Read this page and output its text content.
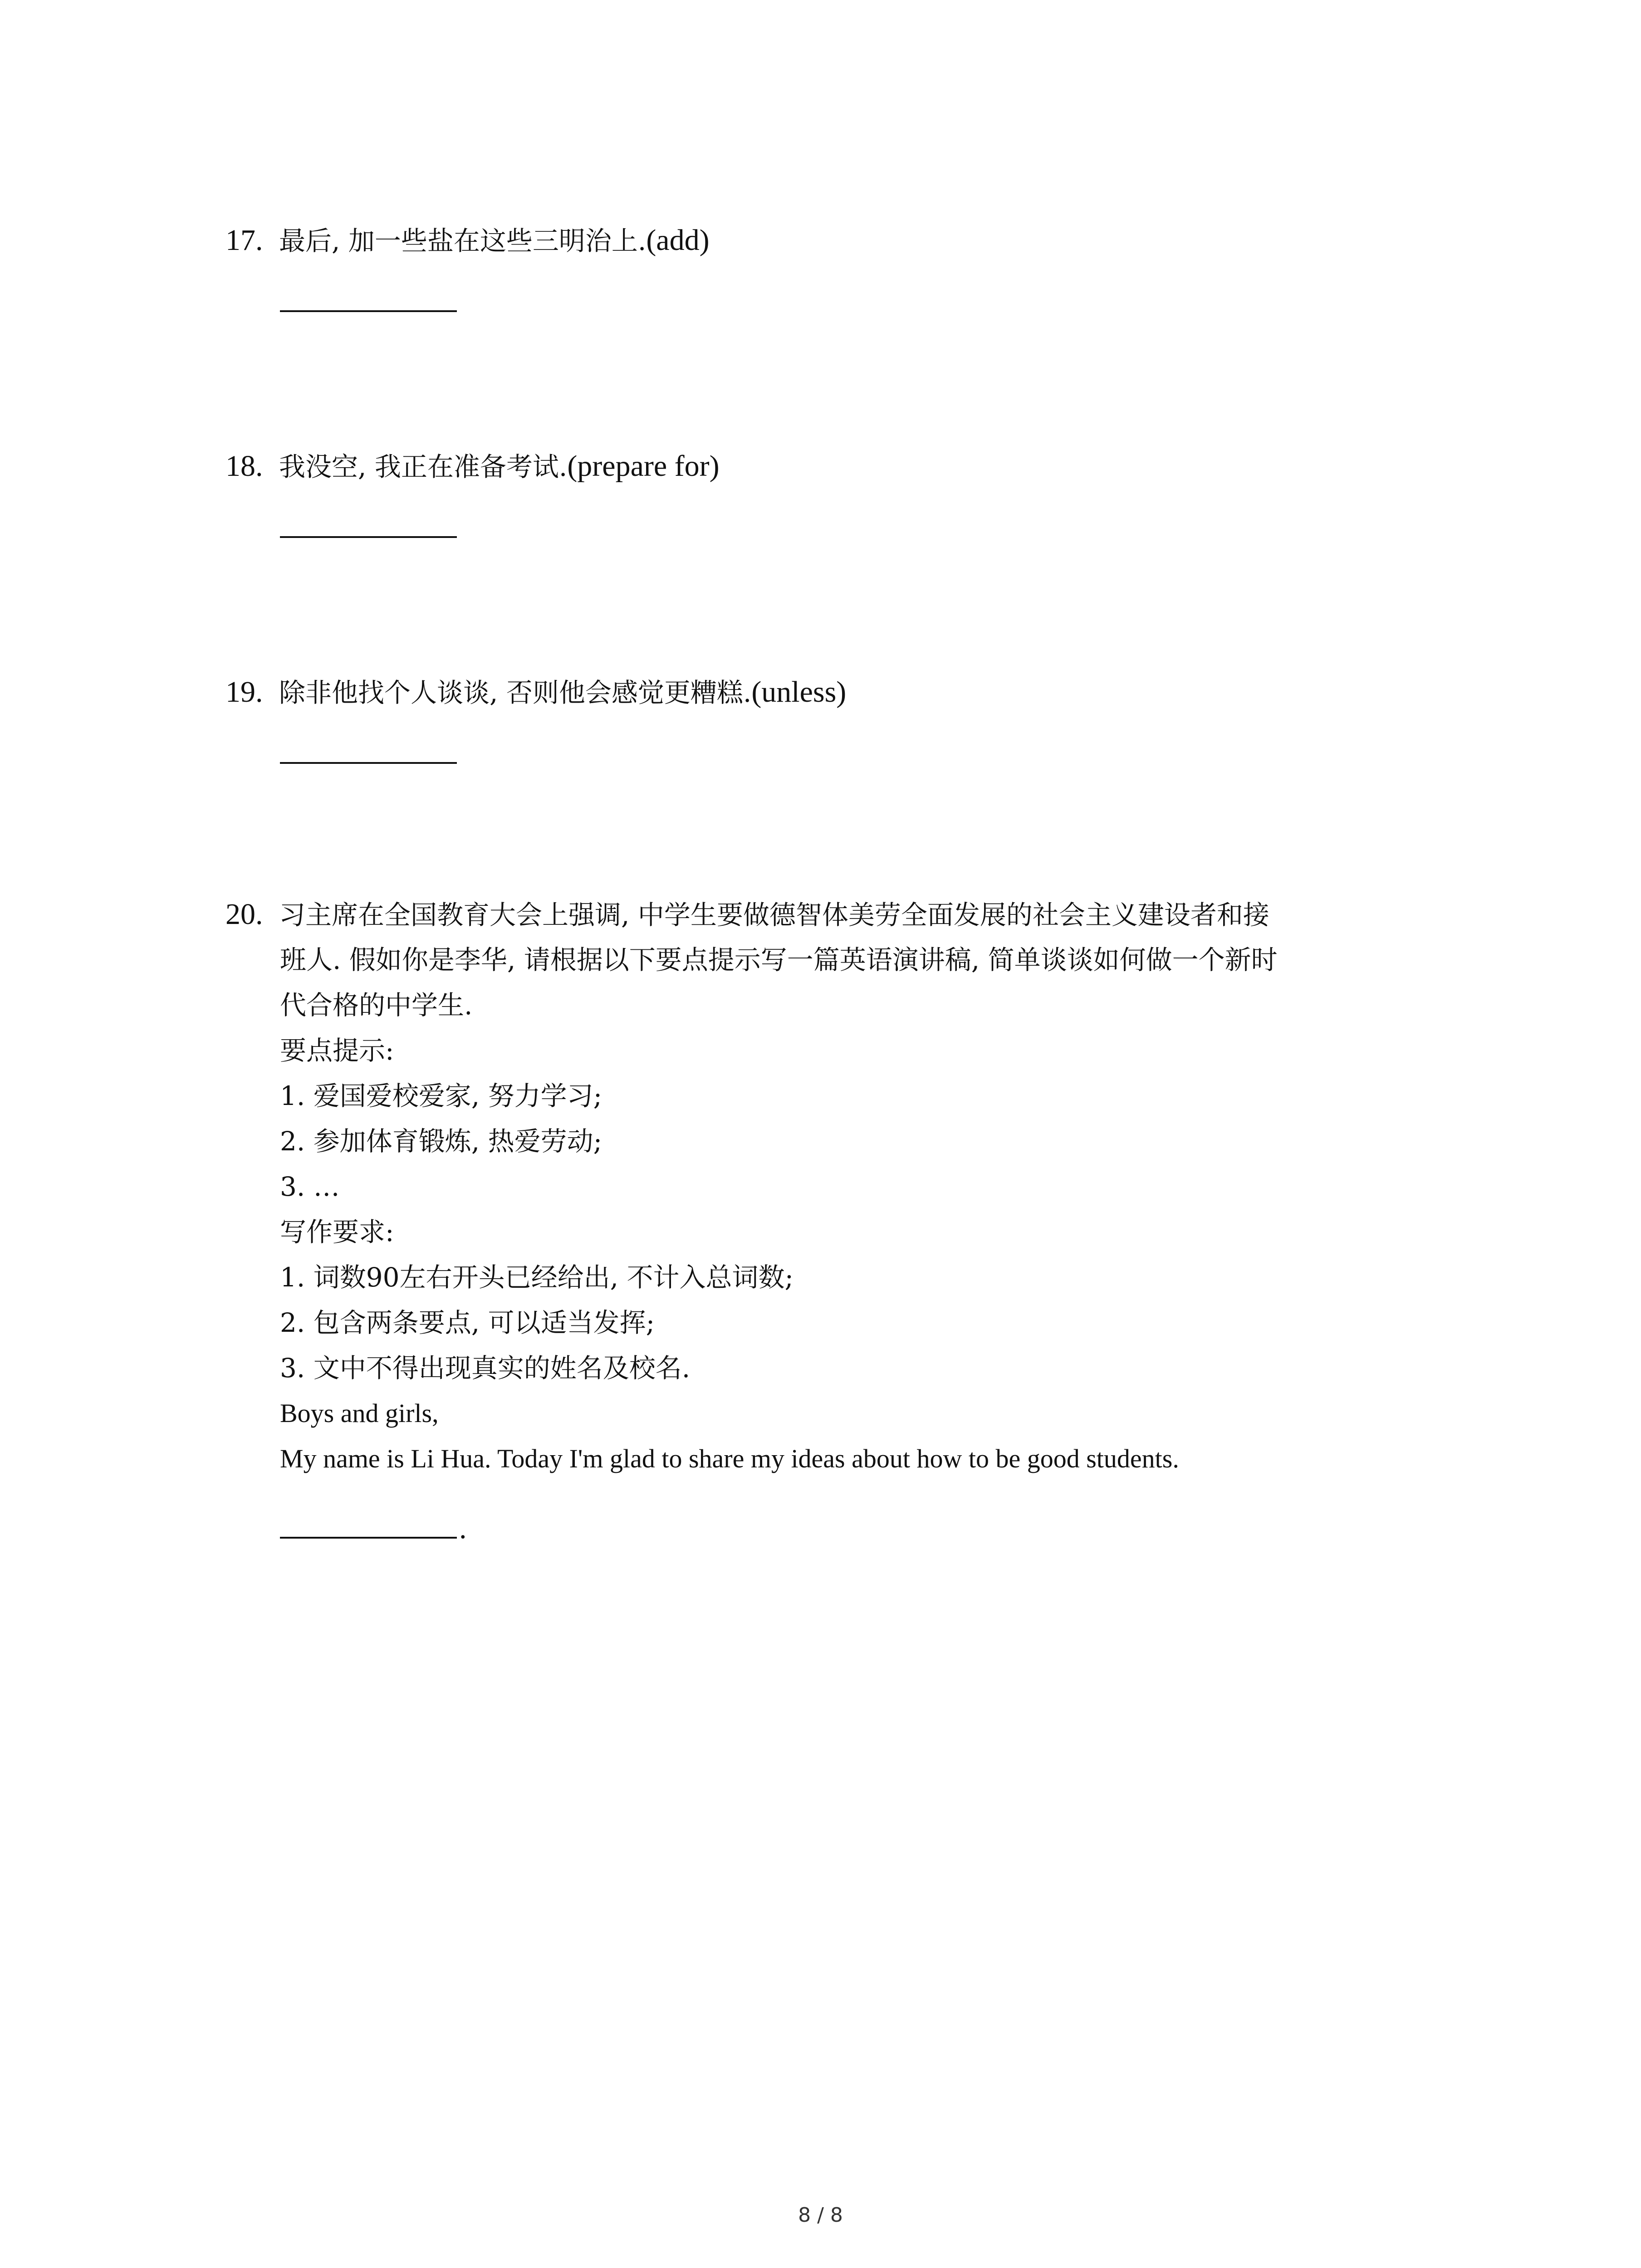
17. 最后, 加一些盐在这些三明治上.(add)
18. 我没空, 我正在准备考试.(prepare for)
19. 除非他找个人谈谈, 否则他会感觉更糟糕.(unless)
20. 习主席在全国教育大会上强调, 中学生要做德智体美劳全面发展的社会主义建设者和接
班人. 假如你是李华, 请根据以下要点提示写一篇英语演讲稿, 简单谈谈如何做一个新时
代合格的中学生.
要点提示:
1. 爱国爱校爱家, 努力学习;
2. 参加体育锻炼, 热爱劳动;
3. …
写作要求:
1. 词数90左右开头已经给出, 不计入总词数;
2. 包含两条要点, 可以适当发挥;
3. 文中不得出现真实的姓名及校名.
Boys and girls,
My name is Li Hua. Today I'm glad to share my ideas about how to be good students.
.
8 / 8
